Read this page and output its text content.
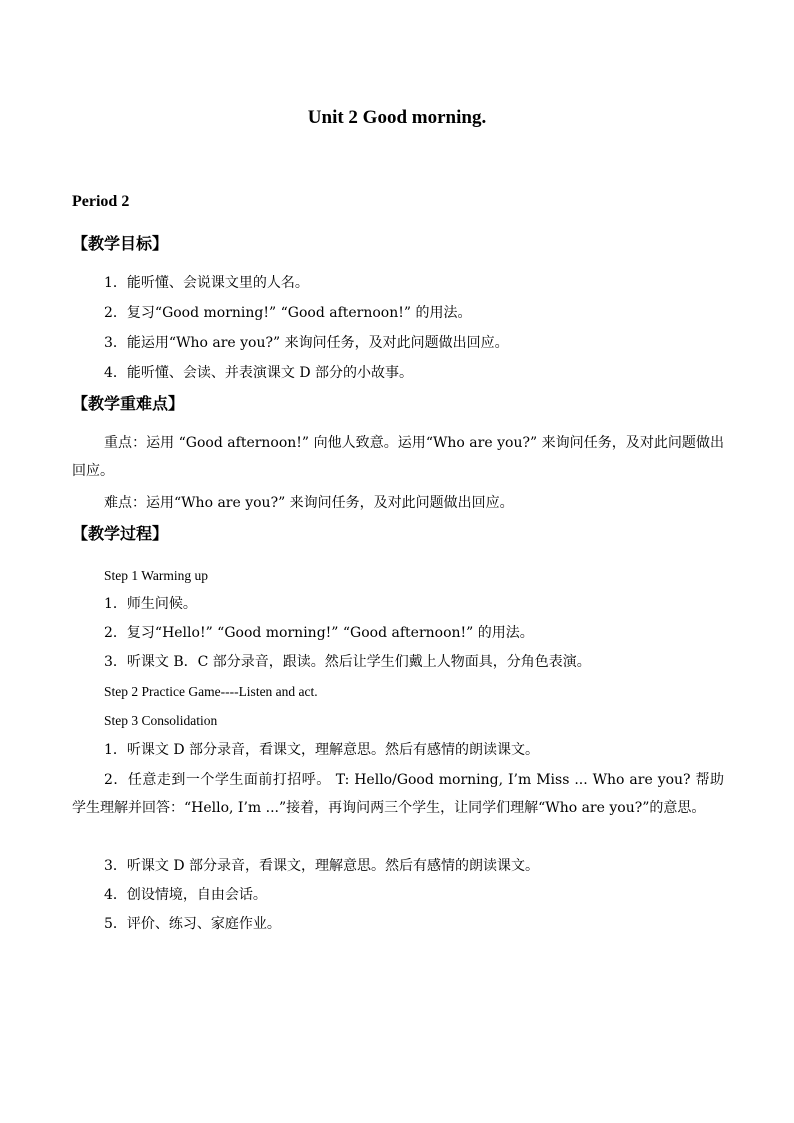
Unit 2 Good morning.
Period 2
【教学目标】
1．能听懂、会说课文里的人名。
2．复习“Good morning!” “Good afternoon!” 的用法。
3．能运用“Who are you?” 来询问任务，及对此问题做出回应。
4．能听懂、会读、并表演课文 D 部分的小故事。
【教学重难点】
重点：运用 “Good afternoon!” 向他人致意。运用“Who are you?” 来询问任务，及对此问题做出回应。
难点：运用“Who are you?” 来询问任务，及对此问题做出回应。
【教学过程】
Step 1 Warming up
1．师生问候。
2．复习“Hello!” “Good morning!” “Good afternoon!” 的用法。
3．听课文 B．C 部分录音，跟读。然后让学生们戴上人物面具，分角色表演。
Step 2 Practice Game----Listen and act.
Step 3 Consolidation
1．听课文 D 部分录音，看课文，理解意思。然后有感情的朗读课文。
2．任意走到一个学生面前打招呼。 T: Hello/Good morning, I’m Miss ... Who are you? 帮助学生理解并回答：“Hello, I’m ...”接着，再询问两三个学生，让同学们理解“Who are you?”的意思。
3．听课文 D 部分录音，看课文，理解意思。然后有感情的朗读课文。
4．创设情境，自由会话。
5．评价、练习、家庭作业。
